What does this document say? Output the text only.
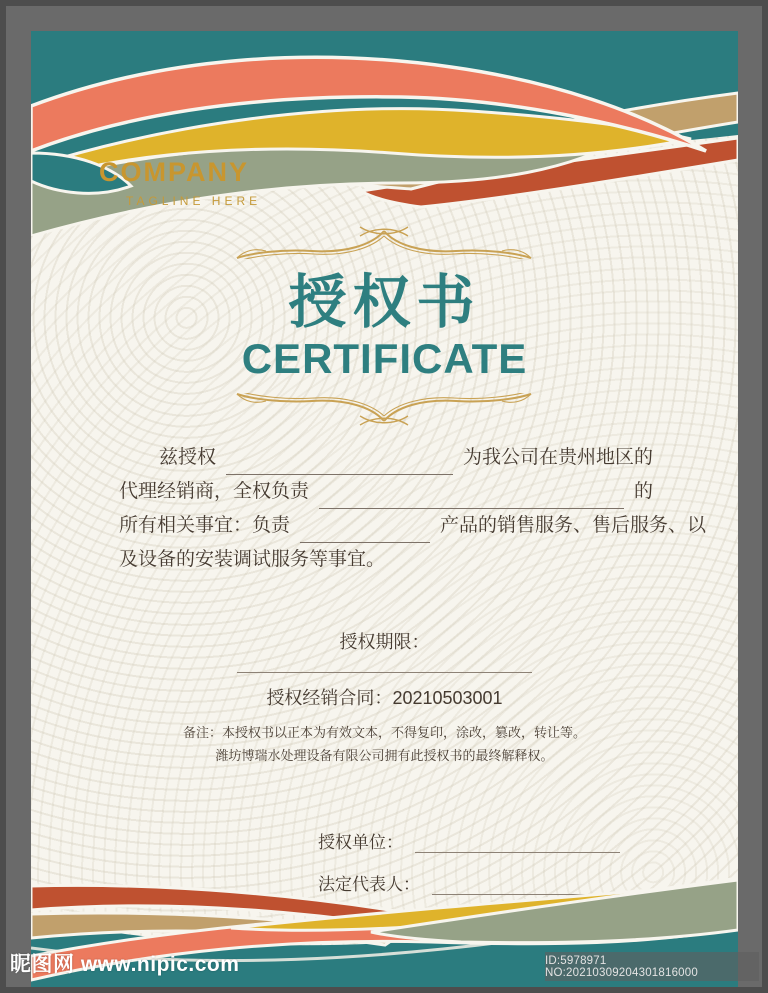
COMPANY
TAGLINE HERE
授权书
CERTIFICATE
兹授权	为我公司在贵州地区的
代理经销商，全权负责	的
所有相关事宜：负责	产品的销售服务、售后服务、以
及设备的安装调试服务等事宜。
授权期限：
授权经销合同：20210503001
备注：本授权书以正本为有效文本，不得复印，涂改，篡改，转让等。
潍坊博瑞水处理设备有限公司拥有此授权书的最终解释权。
授权单位：
法定代表人：
昵图网 www.nipic.com	ID:5978971 NO:20210309204301816000
